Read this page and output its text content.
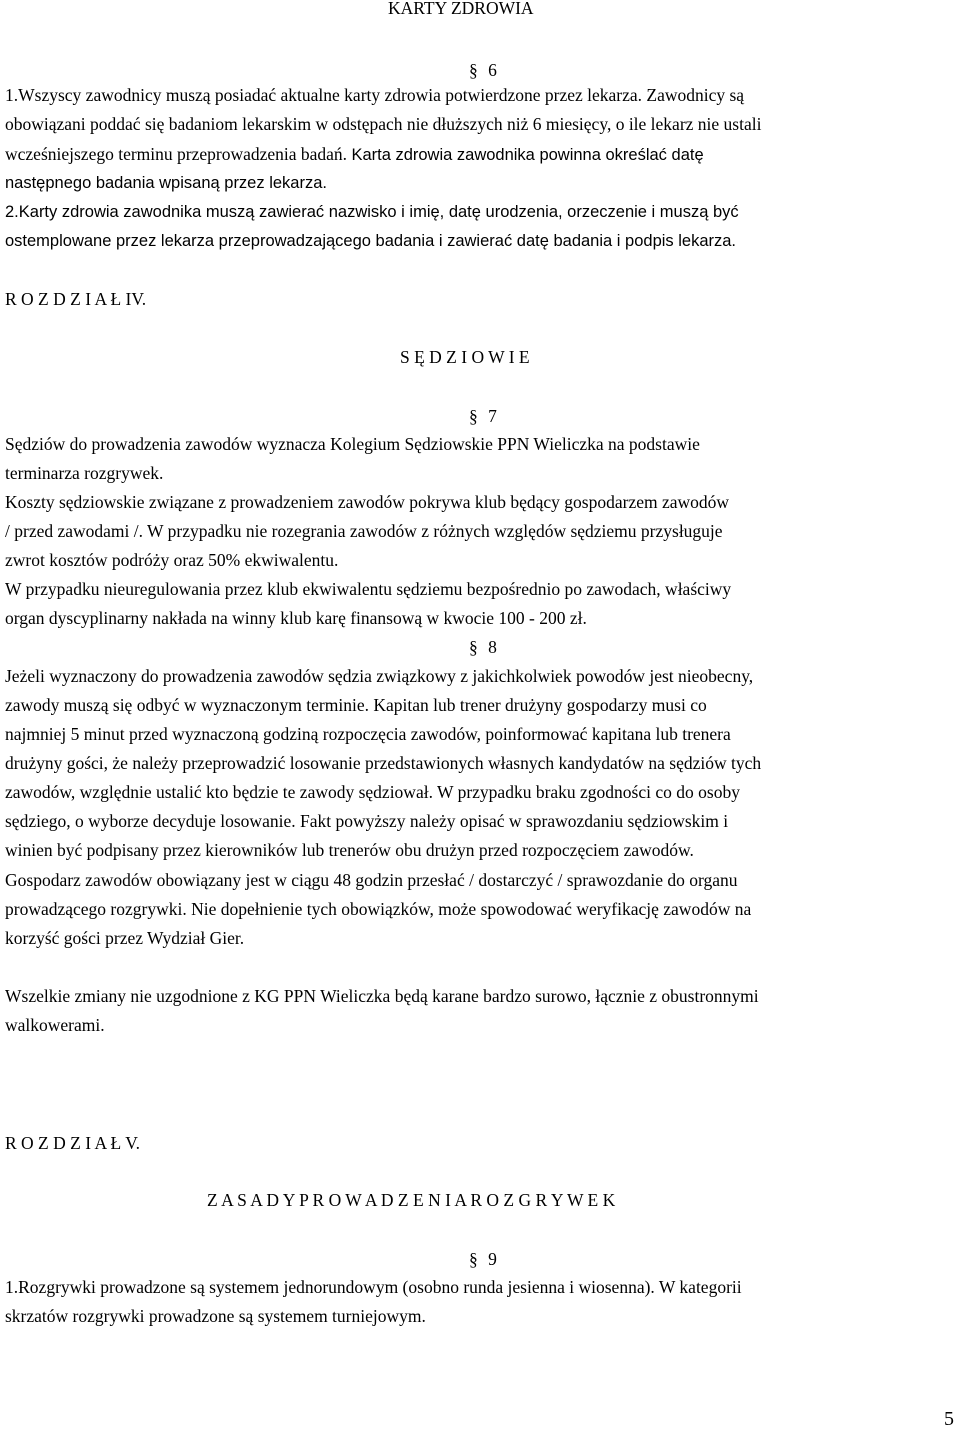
KARTY ZDROWIA
§ 6
1.Wszyscy zawodnicy muszą posiadać aktualne karty zdrowia potwierdzone przez lekarza. Zawodnicy są
obowiązani poddać się badaniom lekarskim w odstępach nie dłuższych niż 6 miesięcy, o ile lekarz nie ustali
wcześniejszego terminu przeprowadzenia badań. Karta zdrowia zawodnika powinna określać datę
następnego badania wpisaną przez lekarza.
2.Karty zdrowia zawodnika muszą zawierać nazwisko i imię, datę urodzenia, orzeczenie i muszą być
ostemplowane przez lekarza przeprowadzającego badania i zawierać datę badania i podpis lekarza.
R O Z D Z I A Ł IV.
S Ę D Z I O W I E
§ 7
Sędziów do prowadzenia zawodów wyznacza Kolegium Sędziowskie PPN Wieliczka na podstawie
terminarza rozgrywek.
Koszty sędziowskie związane z prowadzeniem zawodów pokrywa klub będący gospodarzem zawodów
/ przed zawodami /. W przypadku nie rozegrania zawodów z różnych względów sędziemu przysługuje
zwrot kosztów podróży oraz 50% ekwiwalentu.
W przypadku nieuregulowania przez klub ekwiwalentu sędziemu bezpośrednio po zawodach, właściwy
organ dyscyplinarny nakłada na winny klub karę finansową w kwocie 100 - 200 zł.
§ 8
Jeżeli wyznaczony do prowadzenia zawodów sędzia związkowy z jakichkolwiek powodów jest nieobecny,
zawody muszą się odbyć w wyznaczonym terminie. Kapitan lub trener drużyny gospodarzy musi co
najmniej 5 minut przed wyznaczoną godziną rozpoczęcia zawodów, poinformować kapitana lub trenera
drużyny gości, że należy przeprowadzić losowanie przedstawionych własnych kandydatów na sędziów tych
zawodów, względnie ustalić kto będzie te zawody sędziował. W przypadku braku zgodności co do osoby
sędziego, o wyborze decyduje losowanie. Fakt powyższy należy opisać w sprawozdaniu sędziowskim i
winien być podpisany przez kierowników lub trenerów obu drużyn przed rozpoczęciem zawodów.
Gospodarz zawodów obowiązany jest w ciągu 48 godzin przesłać / dostarczyć / sprawozdanie do organu
prowadzącego rozgrywki. Nie dopełnienie tych obowiązków, może spowodować weryfikację zawodów na
korzyść gości przez Wydział Gier.
Wszelkie zmiany nie uzgodnione z KG PPN Wieliczka będą karane bardzo surowo, łącznie z obustronnymi
walkowerami.
R O Z D Z I A Ł V.
Z A S A D Y P R O W A D Z E N I A R O Z G R Y W E K
§ 9
1.Rozgrywki prowadzone są systemem jednorundowym (osobno runda jesienna i wiosenna). W kategorii
skrzatów rozgrywki prowadzone są systemem turniejowym.
5
